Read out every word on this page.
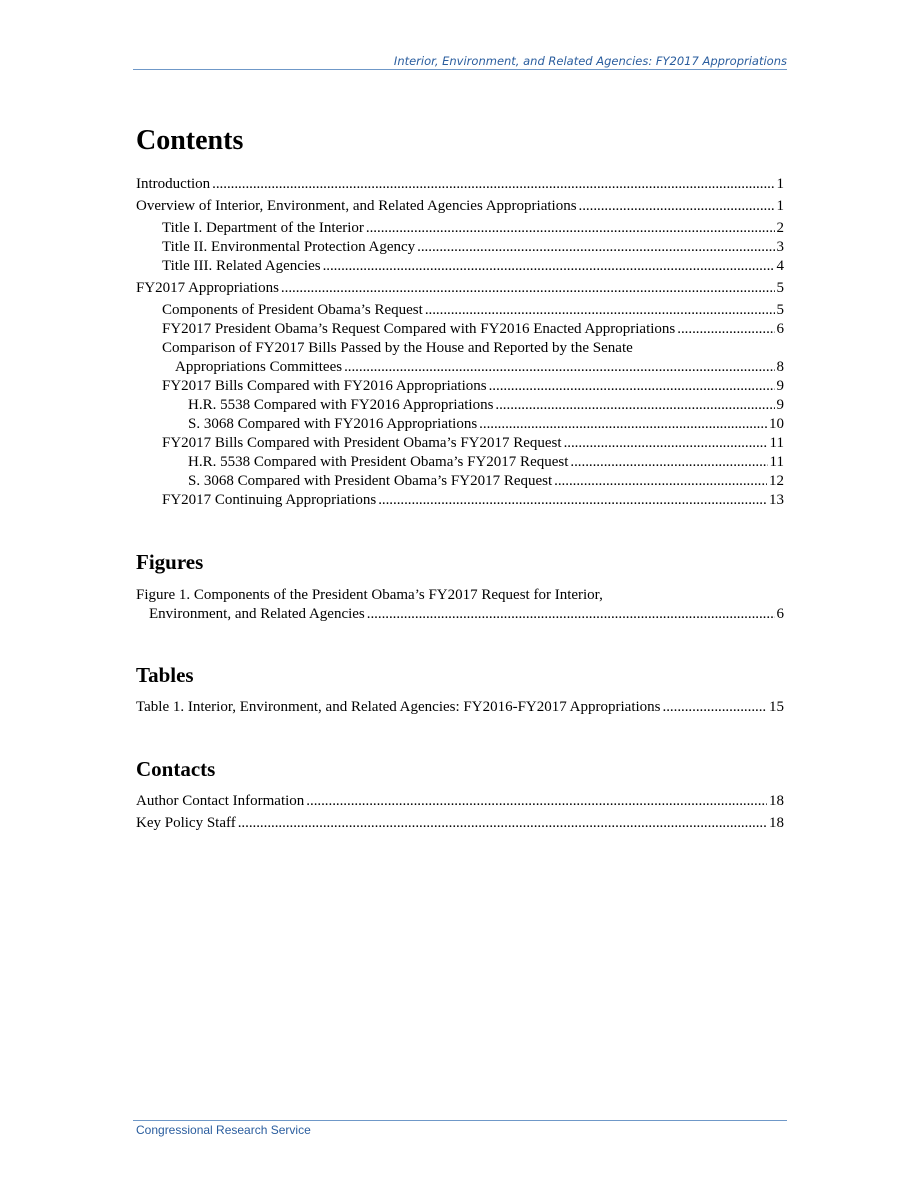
Interior, Environment, and Related Agencies: FY2017 Appropriations
Contents
Introduction . . .	1
Overview of Interior, Environment, and Related Agencies Appropriations . . .	1
Title I. Department of the Interior . . .	2
Title II. Environmental Protection Agency . . .	3
Title III. Related Agencies . . .	4
FY2017 Appropriations . . .	5
Components of President Obama’s Request . . .	5
FY2017 President Obama’s Request Compared with FY2016 Enacted Appropriations . . .	6
Comparison of FY2017 Bills Passed by the House and Reported by the Senate
Appropriations Committees . . .	8
FY2017 Bills Compared with FY2016 Appropriations . . .	9
H.R. 5538 Compared with FY2016 Appropriations . . .	9
S. 3068 Compared with FY2016 Appropriations . . .	10
FY2017 Bills Compared with President Obama’s FY2017 Request . . .	11
H.R. 5538 Compared with President Obama’s FY2017 Request . . .	11
S. 3068 Compared with President Obama’s FY2017 Request . . .	12
FY2017 Continuing Appropriations . . .	13
Figures
Figure 1. Components of the President Obama’s FY2017 Request for Interior,
Environment, and Related Agencies . . .	6
Tables
Table 1. Interior, Environment, and Related Agencies: FY2016-FY2017 Appropriations . . .	15
Contacts
Author Contact Information . . .	18
Key Policy Staff . . .	18
Congressional Research Service
